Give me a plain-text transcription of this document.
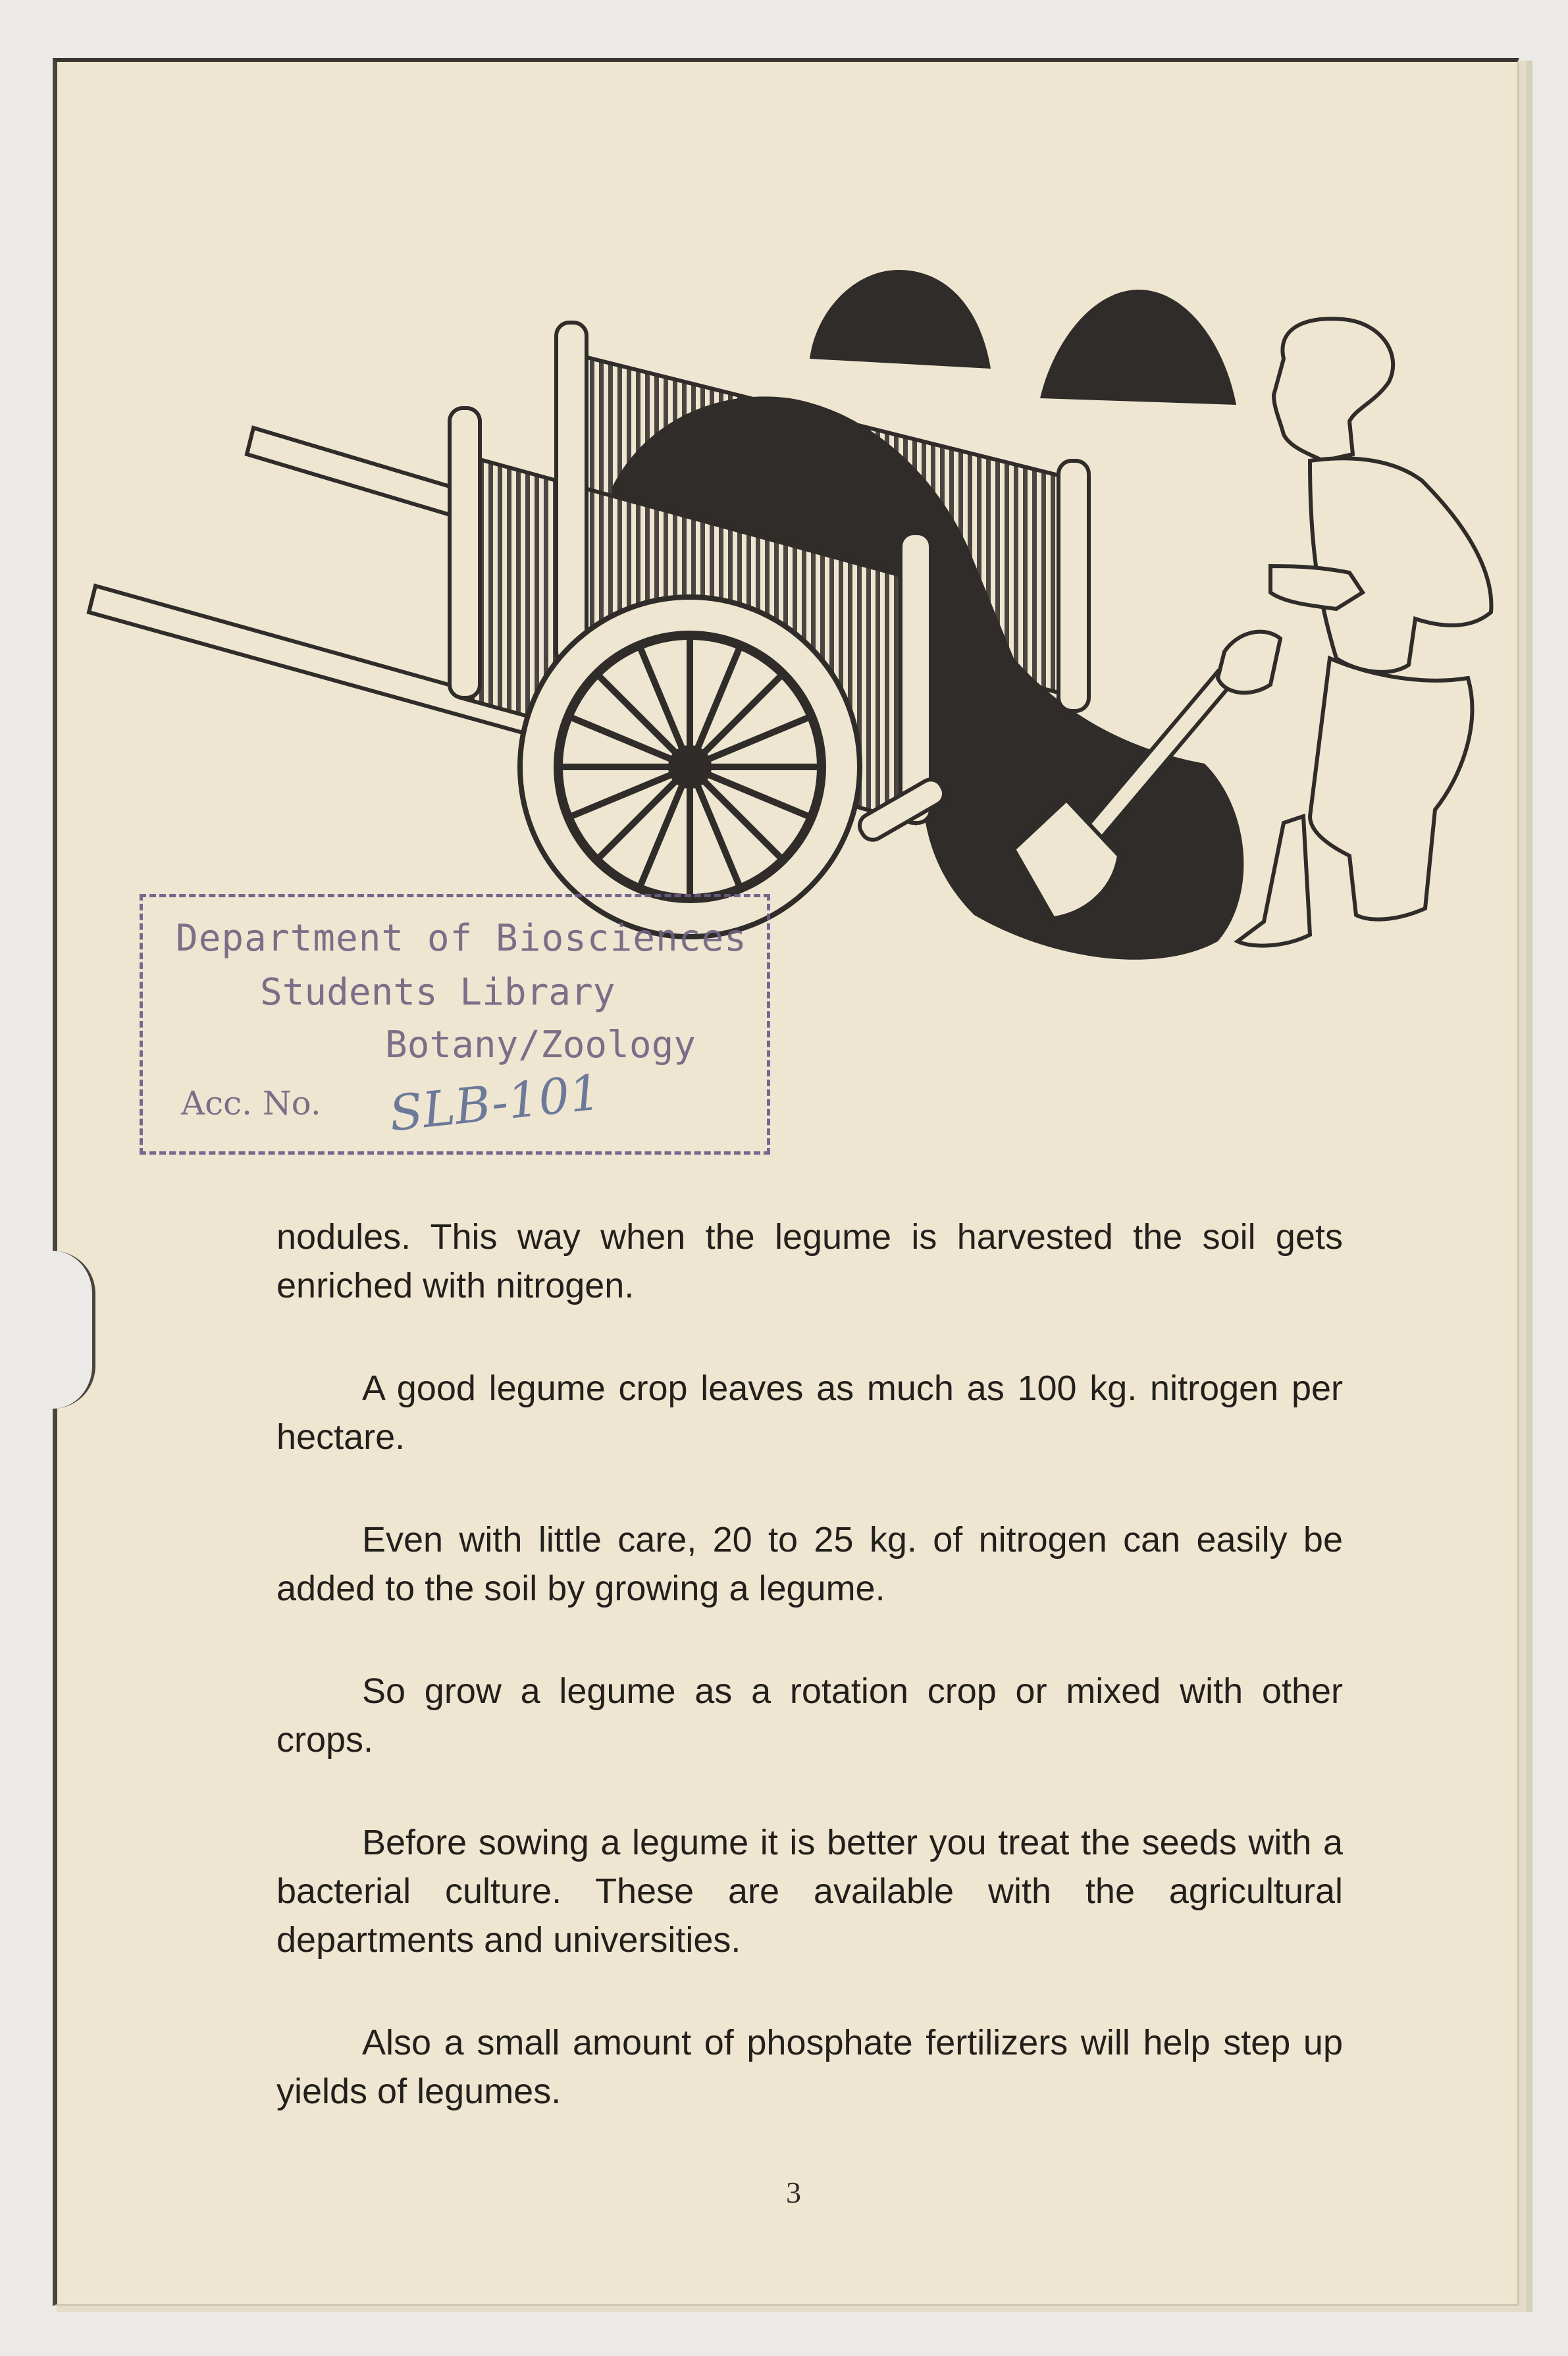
Department of Biosciences
Students Library
Botany/Zoology
Acc. No. SLB-101

nodules. This way when the legume is harvested the soil gets enriched with nitrogen.

A good legume crop leaves as much as 100 kg. nitrogen per hectare.

Even with little care, 20 to 25 kg. of nitrogen can easily be added to the soil by growing a legume.

So grow a legume as a rotation crop or mixed with other crops.

Before sowing a legume it is better you treat the seeds with a bacterial culture. These are available with the agricultural departments and universities.

Also a small amount of phosphate fertilizers will help step up yields of legumes.

3
